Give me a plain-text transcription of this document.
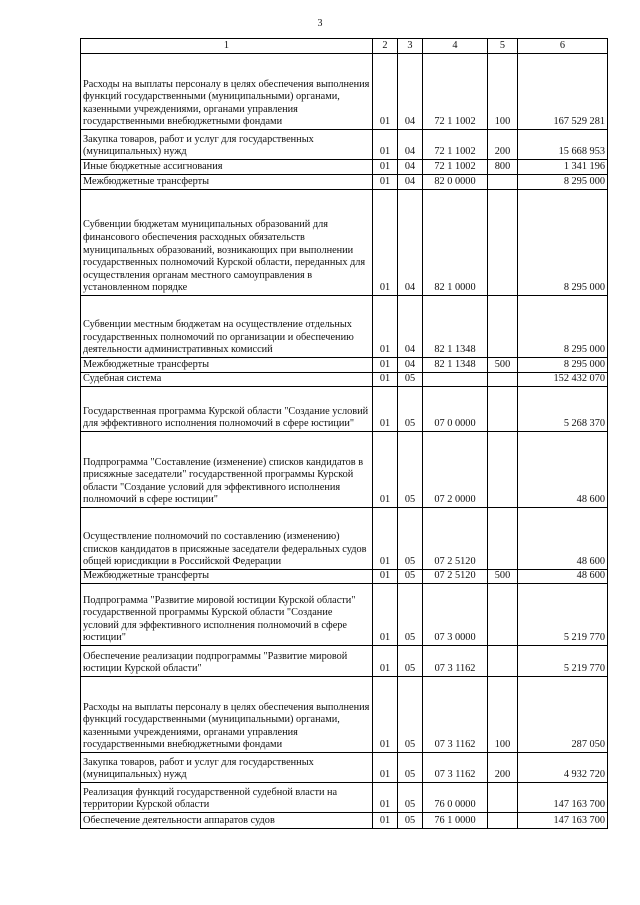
3
1	2	3	4	5	6
Расходы на выплаты персоналу в целях обеспечения выполнения функций государственными (муниципальными) органами, казенными учреждениями, органами управления государственными внебюджетными фондами	01	04	72 1 1002	100	167 529 281
Закупка товаров, работ и услуг для государственных (муниципальных) нужд	01	04	72 1 1002	200	15 668 953
Иные бюджетные ассигнования	01	04	72 1 1002	800	1 341 196
Межбюджетные трансферты	01	04	82 0 0000		8 295 000
Субвенции бюджетам муниципальных образований для финансового обеспечения расходных обязательств муниципальных образований, возникающих при выполнении государственных полномочий Курской области, переданных для осуществления органам местного самоуправления в установленном порядке	01	04	82 1 0000		8 295 000
Субвенции местным бюджетам на осуществление отдельных государственных полномочий по организации и обеспечению деятельности административных комиссий	01	04	82 1 1348		8 295 000
Межбюджетные трансферты	01	04	82 1 1348	500	8 295 000
Судебная система	01	05			152 432 070
Государственная программа Курской области "Создание условий для эффективного исполнения полномочий в сфере юстиции"	01	05	07 0 0000		5 268 370
Подпрограмма "Составление (изменение) списков кандидатов в присяжные заседатели" государственной программы Курской области "Создание условий для эффективного исполнения полномочий в сфере юстиции"	01	05	07 2 0000		48 600
Осуществление полномочий по составлению (изменению) списков кандидатов в присяжные заседатели федеральных судов общей юрисдикции в Российской Федерации	01	05	07 2 5120		48 600
Межбюджетные трансферты	01	05	07 2 5120	500	48 600
Подпрограмма "Развитие мировой юстиции Курской области" государственной программы Курской области "Создание условий для эффективного исполнения полномочий в сфере юстиции"	01	05	07 3 0000		5 219 770
Обеспечение реализации подпрограммы "Развитие мировой юстиции Курской области"	01	05	07 3 1162		5 219 770
Расходы на выплаты персоналу в целях обеспечения выполнения функций государственными (муниципальными) органами, казенными учреждениями, органами управления государственными внебюджетными фондами	01	05	07 3 1162	100	287 050
Закупка товаров, работ и услуг для государственных (муниципальных) нужд	01	05	07 3 1162	200	4 932 720
Реализация функций государственной судебной власти на территории Курской области	01	05	76 0 0000		147 163 700
Обеспечение деятельности аппаратов судов	01	05	76 1 0000		147 163 700
